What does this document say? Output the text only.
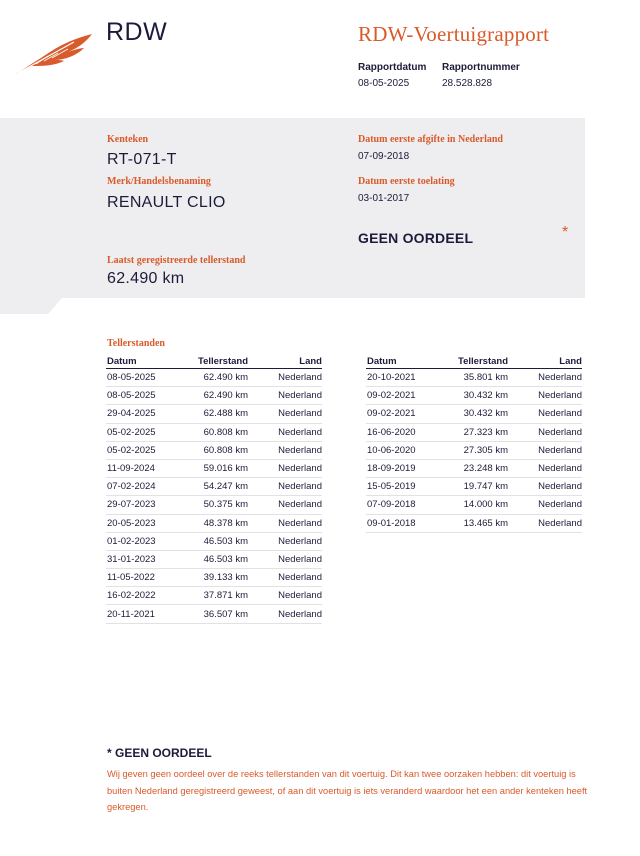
RDW	RDW-Voertuigrapport
Rapportdatum
08-05-2025
Rapportnummer
28.528.828
Kenteken
RT-071-T
Merk/Handelsbenaming
RENAULT CLIO
Laatst geregistreerde tellerstand
62.490 km
Datum eerste afgifte in Nederland
07-09-2018
Datum eerste toelating
03-01-2017
GEEN OORDEEL	*
Tellerstanden
Datum	Tellerstand	Land
08-05-2025	62.490 km	Nederland
08-05-2025	62.490 km	Nederland
29-04-2025	62.488 km	Nederland
05-02-2025	60.808 km	Nederland
05-02-2025	60.808 km	Nederland
11-09-2024	59.016 km	Nederland
07-02-2024	54.247 km	Nederland
29-07-2023	50.375 km	Nederland
20-05-2023	48.378 km	Nederland
01-02-2023	46.503 km	Nederland
31-01-2023	46.503 km	Nederland
11-05-2022	39.133 km	Nederland
16-02-2022	37.871 km	Nederland
20-11-2021	36.507 km	Nederland
Datum	Tellerstand	Land
20-10-2021	35.801 km	Nederland
09-02-2021	30.432 km	Nederland
09-02-2021	30.432 km	Nederland
16-06-2020	27.323 km	Nederland
10-06-2020	27.305 km	Nederland
18-09-2019	23.248 km	Nederland
15-05-2019	19.747 km	Nederland
07-09-2018	14.000 km	Nederland
09-01-2018	13.465 km	Nederland
* GEEN OORDEEL
Wij geven geen oordeel over de reeks tellerstanden van dit voertuig. Dit kan twee oorzaken hebben: dit voertuig is buiten Nederland geregistreerd geweest, of aan dit voertuig is iets veranderd waardoor het een ander kenteken heeft gekregen.
